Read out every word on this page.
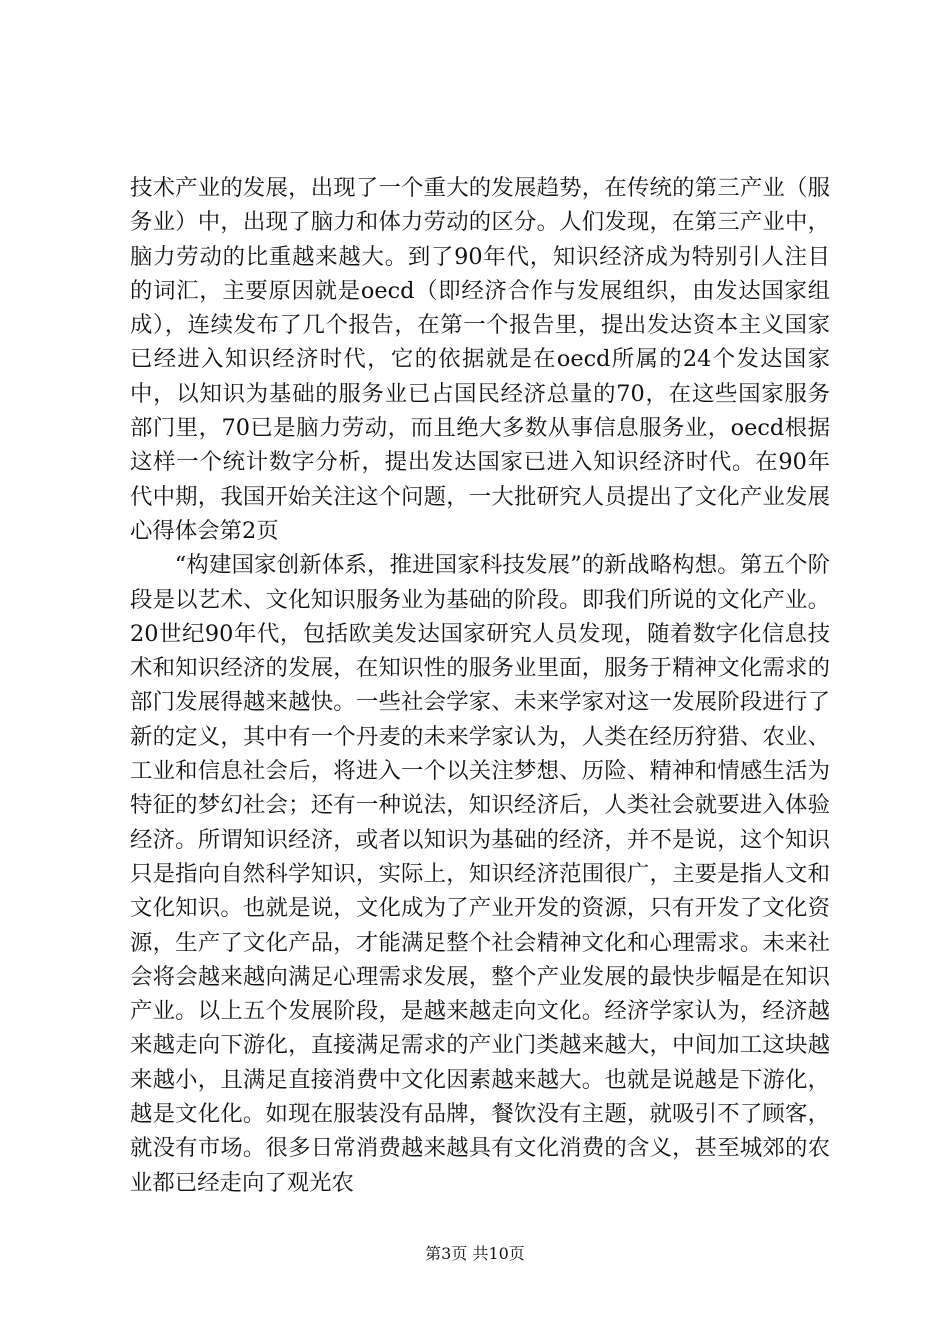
技术产业的发展，出现了一个重大的发展趋势，在传统的第三产业（服务业）中，出现了脑力和体力劳动的区分。人们发现，在第三产业中，脑力劳动的比重越来越大。到了90年代，知识经济成为特别引人注目的词汇，主要原因就是oecd（即经济合作与发展组织，由发达国家组成），连续发布了几个报告，在第一个报告里，提出发达资本主义国家已经进入知识经济时代，它的依据就是在oecd所属的24个发达国家中，以知识为基础的服务业已占国民经济总量的70，在这些国家服务部门里，70已是脑力劳动，而且绝大多数从事信息服务业，oecd根据这样一个统计数字分析，提出发达国家已进入知识经济时代。在90年代中期，我国开始关注这个问题，一大批研究人员提出了文化产业发展心得体会第2页

“构建国家创新体系，推进国家科技发展”的新战略构想。第五个阶段是以艺术、文化知识服务业为基础的阶段。即我们所说的文化产业。20世纪90年代，包括欧美发达国家研究人员发现，随着数字化信息技术和知识经济的发展，在知识性的服务业里面，服务于精神文化需求的部门发展得越来越快。一些社会学家、未来学家对这一发展阶段进行了新的定义，其中有一个丹麦的未来学家认为，人类在经历狩猎、农业、工业和信息社会后，将进入一个以关注梦想、历险、精神和情感生活为特征的梦幻社会；还有一种说法，知识经济后，人类社会就要进入体验经济。所谓知识经济，或者以知识为基础的经济，并不是说，这个知识只是指向自然科学知识，实际上，知识经济范围很广，主要是指人文和文化知识。也就是说，文化成为了产业开发的资源，只有开发了文化资源，生产了文化产品，才能满足整个社会精神文化和心理需求。未来社会将会越来越向满足心理需求发展，整个产业发展的最快步幅是在知识产业。以上五个发展阶段，是越来越走向文化。经济学家认为，经济越来越走向下游化，直接满足需求的产业门类越来越大，中间加工这块越来越小，且满足直接消费中文化因素越来越大。也就是说越是下游化，越是文化化。如现在服装没有品牌，餐饮没有主题，就吸引不了顾客，就没有市场。很多日常消费越来越具有文化消费的含义，甚至城郊的农业都已经走向了观光农

第3页 共10页
